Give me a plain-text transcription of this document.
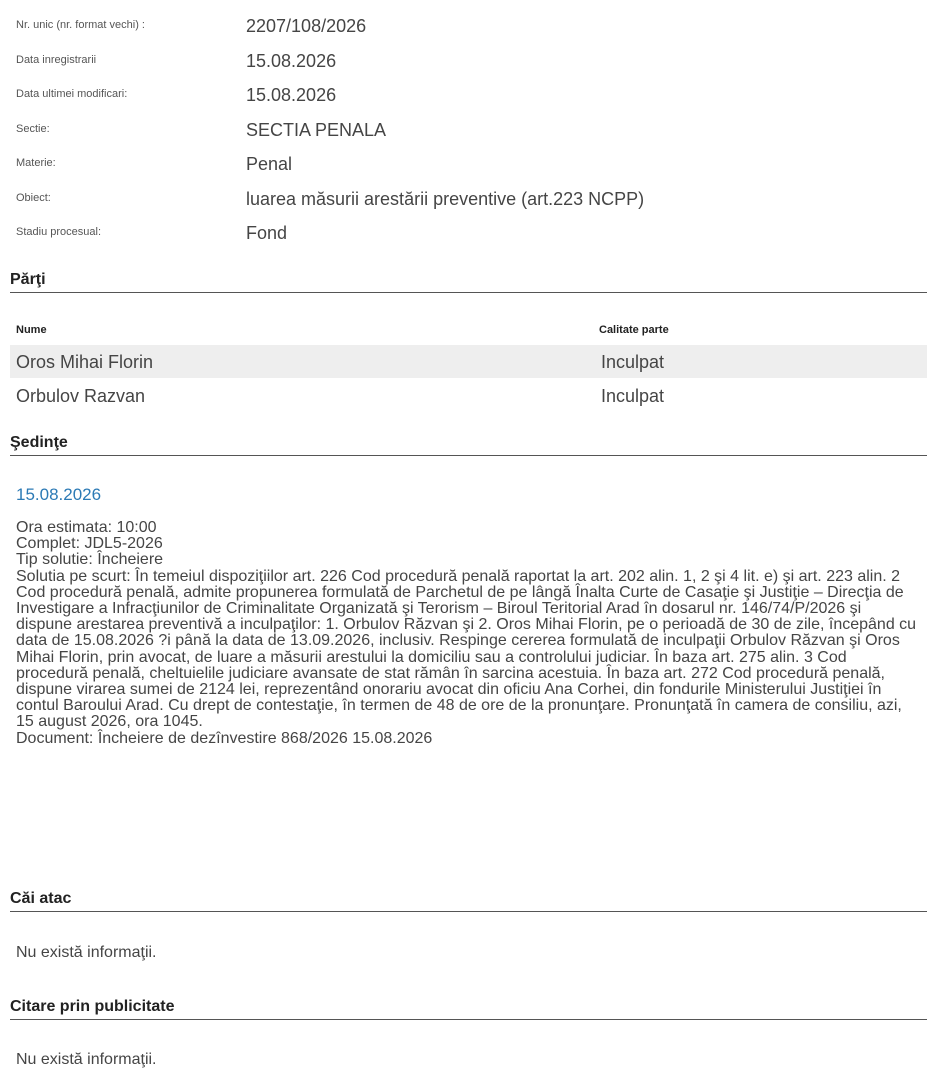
Nr. unic (nr. format vechi) :	2207/108/2026
Data inregistrarii	15.08.2026
Data ultimei modificari:	15.08.2026
Sectie:	SECTIA PENALA
Materie:	Penal
Obiect:	luarea măsurii arestării preventive (art.223 NCPP)
Stadiu procesual:	Fond
Părţi
Nume	Calitate parte
Oros Mihai Florin	Inculpat
Orbulov Razvan	Inculpat
Şedinţe
15.08.2026
Ora estimata: 10:00
Complet: JDL5-2026
Tip solutie: Încheiere
Solutia pe scurt: În temeiul dispoziţiilor art. 226 Cod procedură penală raportat la art. 202 alin. 1, 2 şi 4 lit. e) şi art. 223 alin. 2 Cod procedură penală, admite propunerea formulată de Parchetul de pe lângă Înalta Curte de Casaţie şi Justiţie – Direcţia de Investigare a Infracţiunilor de Criminalitate Organizată şi Terorism – Biroul Teritorial Arad în dosarul nr. 146/74/P/2026 şi dispune arestarea preventivă a inculpaţilor: 1. Orbulov Răzvan şi 2. Oros Mihai Florin, pe o perioadă de 30 de zile, începând cu data de 15.08.2026 ?i până la data de 13.09.2026, inclusiv. Respinge cererea formulată de inculpaţii Orbulov Răzvan şi Oros Mihai Florin, prin avocat, de luare a măsurii arestului la domiciliu sau a controlului judiciar. În baza art. 275 alin. 3 Cod procedură penală, cheltuielile judiciare avansate de stat rămân în sarcina acestuia. În baza art. 272 Cod procedură penală, dispune virarea sumei de 2124 lei, reprezentând onorariu avocat din oficiu Ana Corhei, din fondurile Ministerului Justiţiei în contul Baroului Arad. Cu drept de contestaţie, în termen de 48 de ore de la pronunţare. Pronunţată în camera de consiliu, azi, 15 august 2026, ora 1045.
Document: Încheiere de dezînvestire 868/2026 15.08.2026
Căi atac
Nu există informaţii.
Citare prin publicitate
Nu există informaţii.
